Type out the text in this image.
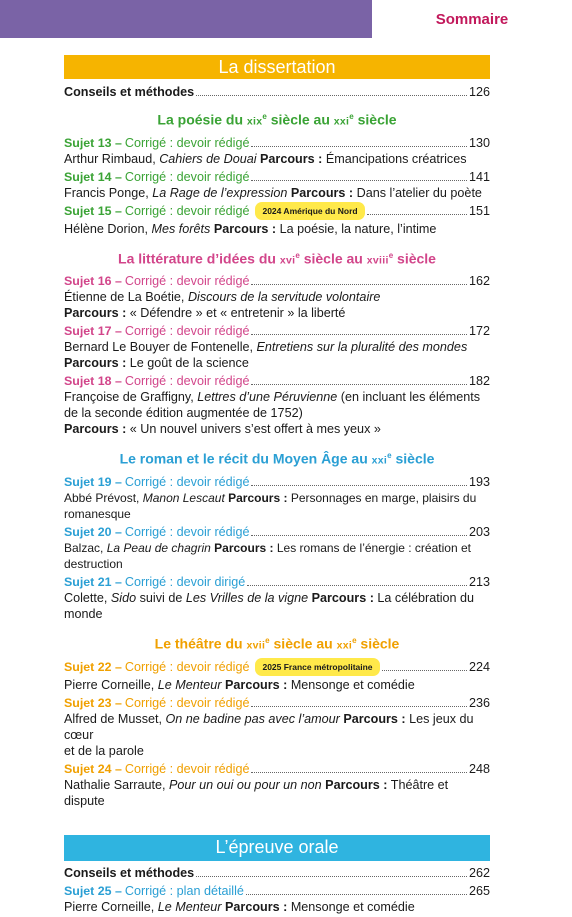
Sommaire
La dissertation
Conseils et méthodes	126
La poésie du xix$^e$ siècle au xxi$^e$ siècle
Sujet 13 – Corrigé : devoir rédigé	130
Arthur Rimbaud, Cahiers de Douai Parcours : Émancipations créatrices
Sujet 14 – Corrigé : devoir rédigé	141
Francis Ponge, La Rage de l’expression Parcours : Dans l’atelier du poète
Sujet 15 – Corrigé : devoir rédigé 2024 Amérique du Nord	151
Hélène Dorion, Mes forêts Parcours : La poésie, la nature, l’intime
La littérature d’idées du xvi$^e$ siècle au xviii$^e$ siècle
Sujet 16 – Corrigé : devoir rédigé	162
Étienne de La Boétie, Discours de la servitude volontaire
Parcours : « Défendre » et « entretenir » la liberté
Sujet 17 – Corrigé : devoir rédigé	172
Bernard Le Bouyer de Fontenelle, Entretiens sur la pluralité des mondes
Parcours : Le goût de la science
Sujet 18 – Corrigé : devoir rédigé	182
Françoise de Graffigny, Lettres d’une Péruvienne (en incluant les éléments
de la seconde édition augmentée de 1752)
Parcours : « Un nouvel univers s’est offert à mes yeux »
Le roman et le récit du Moyen Âge au xxi$^e$ siècle
Sujet 19 – Corrigé : devoir rédigé	193
Abbé Prévost, Manon Lescaut Parcours : Personnages en marge, plaisirs du romanesque
Sujet 20 – Corrigé : devoir rédigé	203
Balzac, La Peau de chagrin Parcours : Les romans de l’énergie : création et destruction
Sujet 21 – Corrigé : devoir dirigé	213
Colette, Sido suivi de Les Vrilles de la vigne Parcours : La célébration du monde
Le théâtre du xvii$^e$ siècle au xxi$^e$ siècle
Sujet 22 – Corrigé : devoir rédigé 2025 France métropolitaine	224
Pierre Corneille, Le Menteur Parcours : Mensonge et comédie
Sujet 23 – Corrigé : devoir rédigé	236
Alfred de Musset, On ne badine pas avec l’amour Parcours : Les jeux du cœur
et de la parole
Sujet 24 – Corrigé : devoir rédigé	248
Nathalie Sarraute, Pour un oui ou pour un non Parcours : Théâtre et dispute
L’épreuve orale
Conseils et méthodes	262
Sujet 25 – Corrigé : plan détaillé	265
Pierre Corneille, Le Menteur Parcours : Mensonge et comédie
